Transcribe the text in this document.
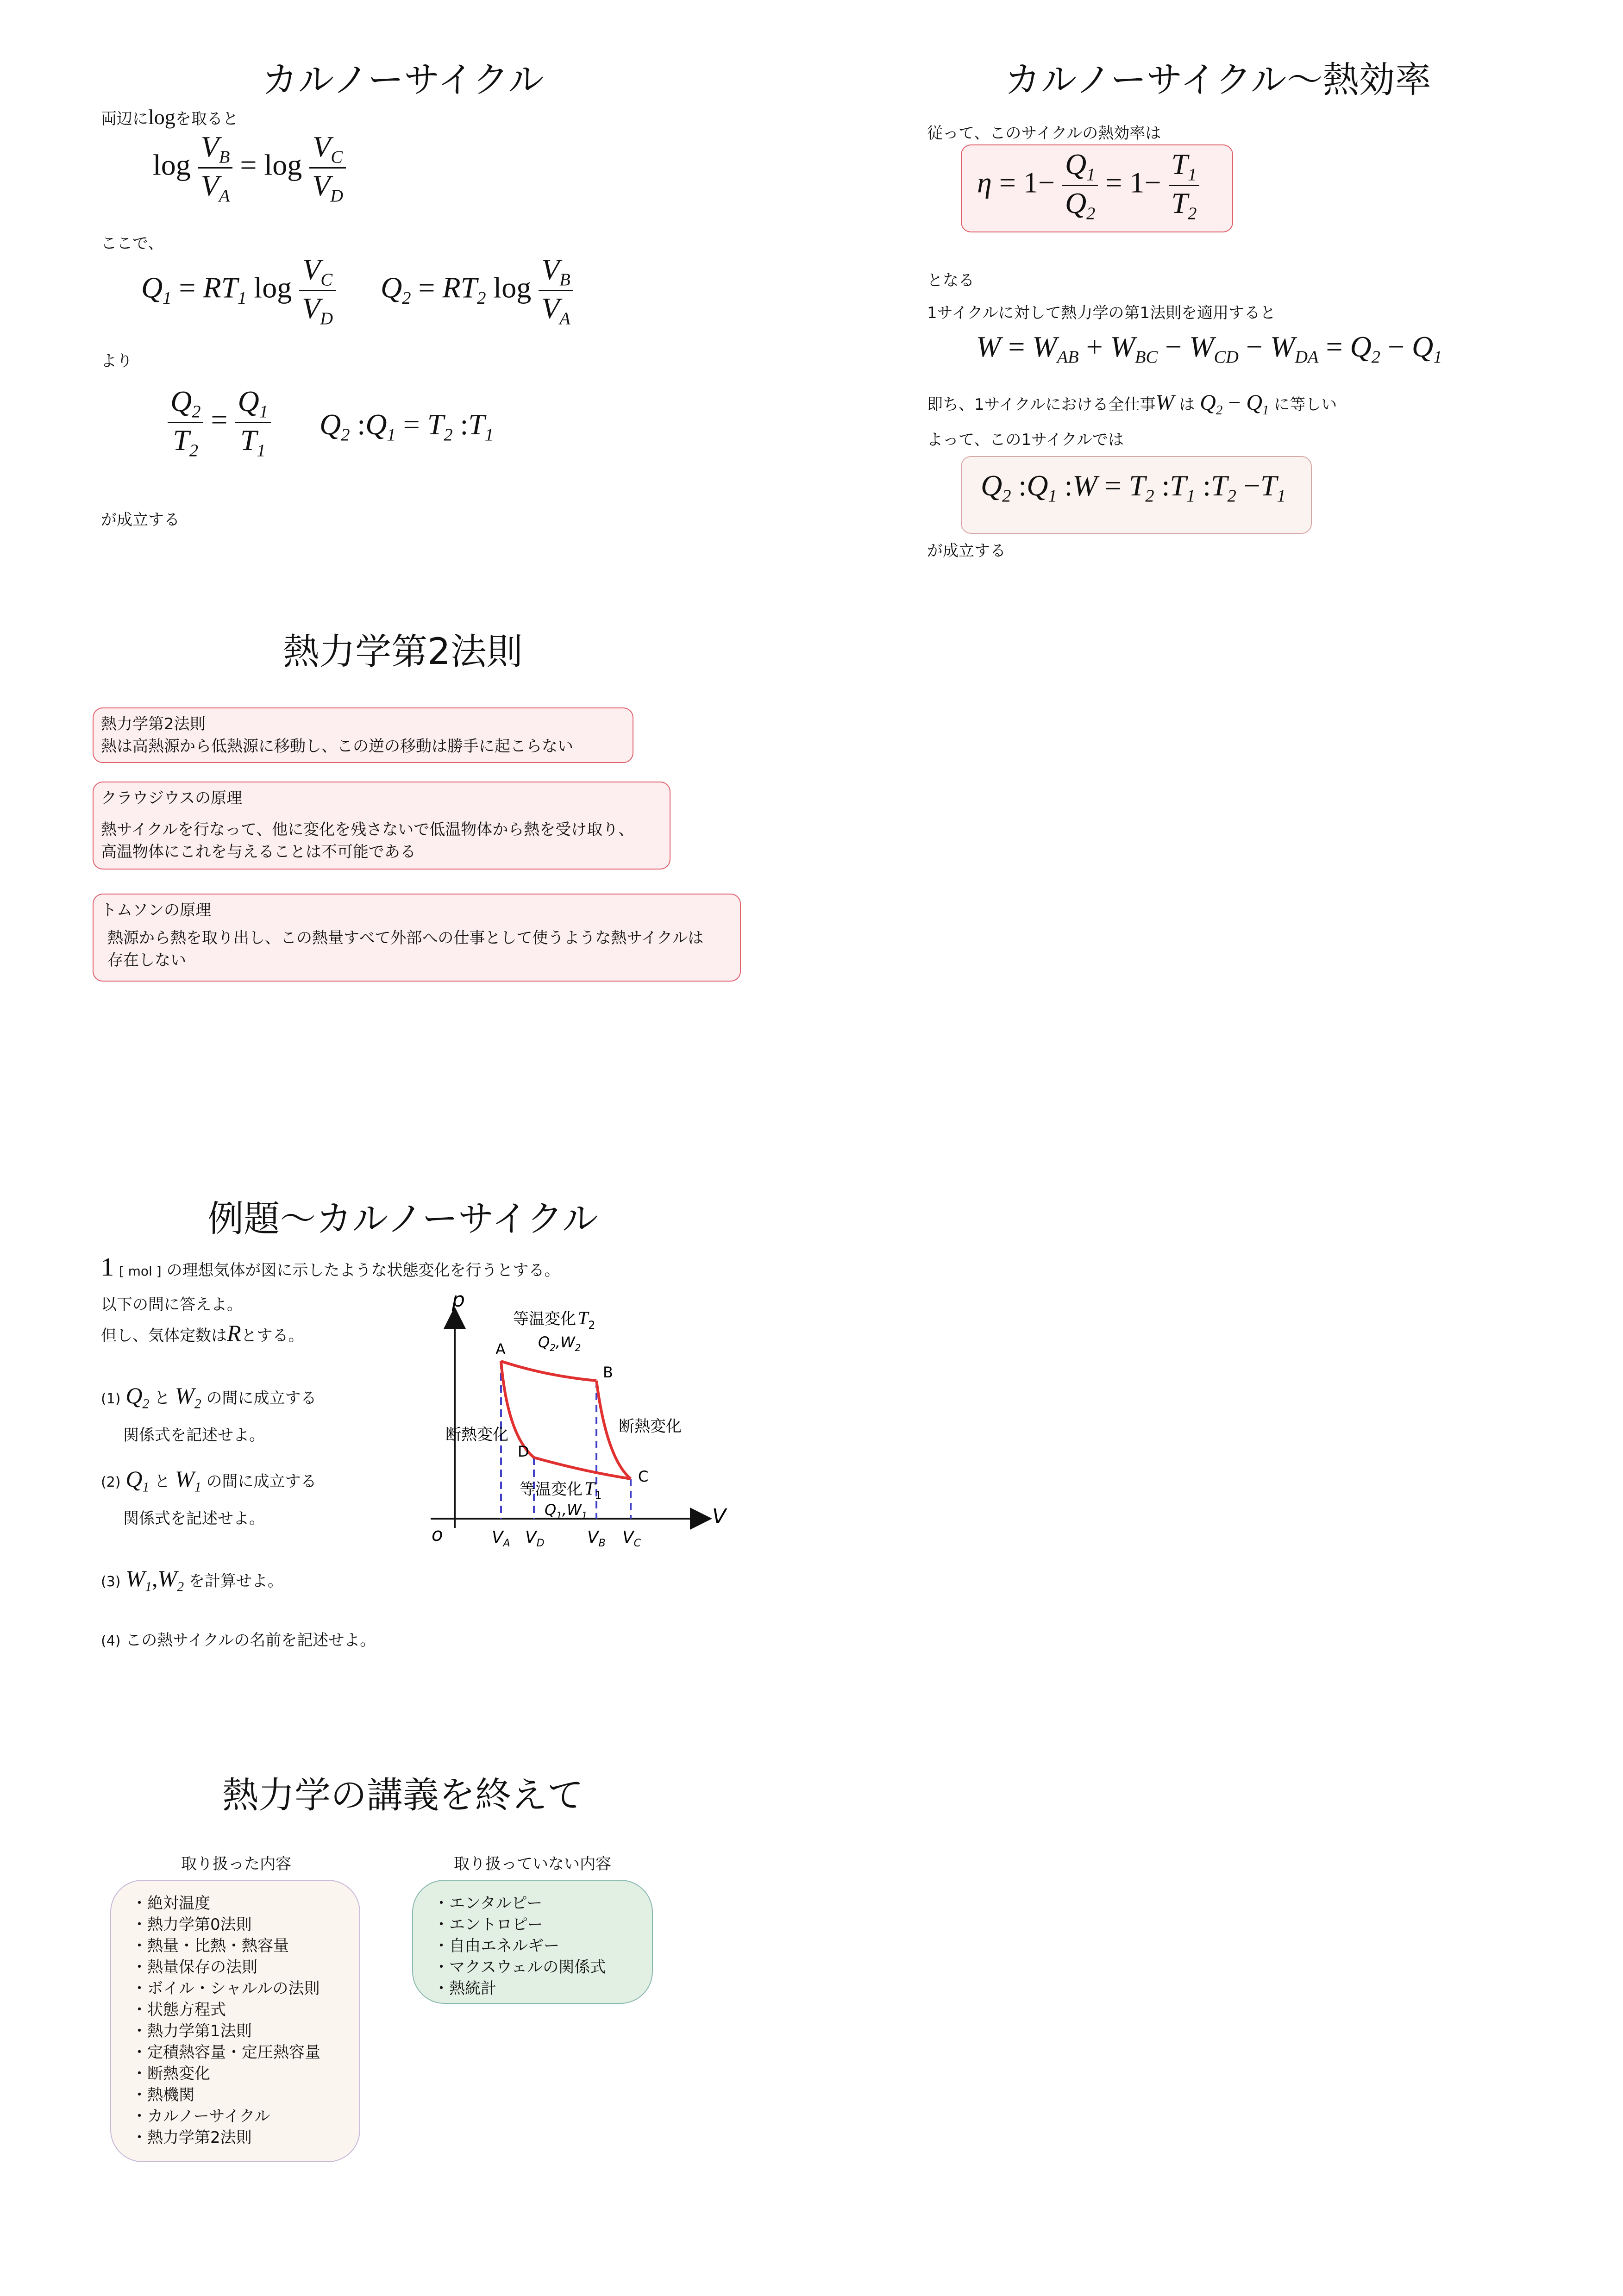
カルノーサイクル
両辺にlogを取ると
$\log \frac{V_B}{V_A} = \log \frac{V_C}{V_D}$
ここで、
$Q_1 = RT_1$ $\log \frac{V_C}{V_D} Q_2 = RT_2$ $\log \frac{V_B}{V_A}$
より
$\frac{Q_2}{T_2} = \frac{Q_1}{T_1} Q_2$ $:Q_1 = T_2$ $:T_1$
が成立する
カルノーサイクル～熱効率
従って、このサイクルの熱効率は
$\eta = 1- \frac{Q_1}{Q_2} = 1- \frac{T_1}{T_2}$
となる
1サイクルに対して熱力学の第1法則を適用すると
$W = W_{AB} + W_{BC} - W_{CD} - W_{DA} = Q_2 - Q_1$
即ち、1サイクルにおける全仕事W は $Q_2 - Q_1$ に等しい
よって、この1サイクルでは
$Q_2$ $:Q_1$ :W = $T_2$ $:T_1$ $:T_2 -T_1$
が成立する
熱力学第2法則
熱力学第2法則
熱は高熱源から低熱源に移動し、この逆の移動は勝手に起こらない
クラウジウスの原理
熱サイクルを行なって、他に変化を残さないで低温物体から熱を受け取り、
高温物体にこれを与えることは不可能である
トムソンの原理
熱源から熱を取り出し、この熱量すべて外部への仕事として使うような熱サイクルは
存在しない
例題～カルノーサイクル
1 [ mol ] の理想気体が図に示したような状態変化を行うとする。
以下の問に答えよ。
但し、気体定数はRとする。
(1) $Q_2$ と $W_2$ の間に成立する
関係式を記述せよ。
(2) $Q_1$ と $W_1$ の間に成立する
関係式を記述せよ。
(3) $W_1,W_2$ を計算せよ。
(4) この熱サイクルの名前を記述せよ。
p
V
o
A
B
C
D
等温変化 $T_2$
$Q_2,W_2$
断熱変化	断熱変化
等温変化 $T_1$
$Q_1,W_1$
$V_A$ $V_D$	$V_B$ $V_C$
熱力学の講義を終えて
取り扱った内容
・絶対温度
・熱力学第0法則
・熱量・比熱・熱容量
・熱量保存の法則
・ボイル・シャルルの法則
・状態方程式
・熱力学第1法則
・定積熱容量・定圧熱容量
・断熱変化
・熱機関
・カルノーサイクル
・熱力学第2法則
取り扱っていない内容
・エンタルピー
・エントロピー
・自由エネルギー
・マクスウェルの関係式
・熱統計
